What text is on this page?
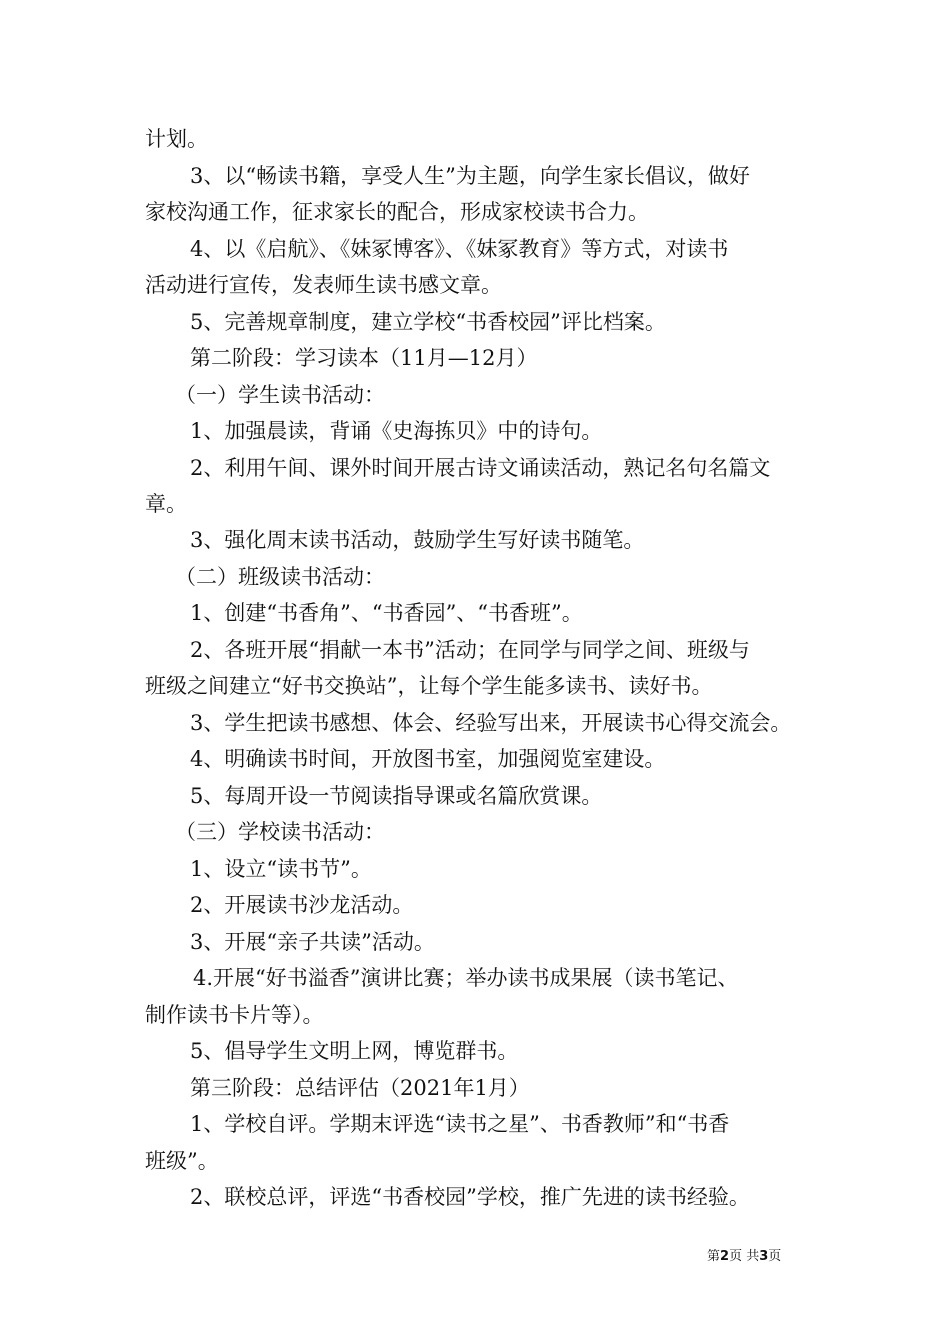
计划。
3、以“畅读书籍，享受人生”为主题，向学生家长倡议，做好
家校沟通工作，征求家长的配合，形成家校读书合力。
4、以《启航》、《妹冢博客》、《妹冢教育》等方式，对读书
活动进行宣传，发表师生读书感文章。
5、完善规章制度，建立学校“书香校园”评比档案。
第二阶段：学习读本（11月—12月）
（一）学生读书活动：
1、加强晨读，背诵《史海拣贝》中的诗句。
2、利用午间、课外时间开展古诗文诵读活动，熟记名句名篇文
章。
3、强化周末读书活动，鼓励学生写好读书随笔。
（二）班级读书活动：
1、创建“书香角”、“书香园”、“书香班”。
2、各班开展“捐献一本书”活动；在同学与同学之间、班级与
班级之间建立“好书交换站”，让每个学生能多读书、读好书。
3、学生把读书感想、体会、经验写出来，开展读书心得交流会。
4、明确读书时间，开放图书室，加强阅览室建设。
5、每周开设一节阅读指导课或名篇欣赏课。
（三）学校读书活动：
1、设立“读书节”。
2、开展读书沙龙活动。
3、开展“亲子共读”活动。
4.开展“好书溢香”演讲比赛；举办读书成果展（读书笔记、
制作读书卡片等）。
5、倡导学生文明上网，博览群书。
第三阶段：总结评估（2021年1月）
1、学校自评。学期末评选“读书之星”、书香教师”和“书香
班级”。
2、联校总评，评选“书香校园”学校，推广先进的读书经验。
第2页 共3页
